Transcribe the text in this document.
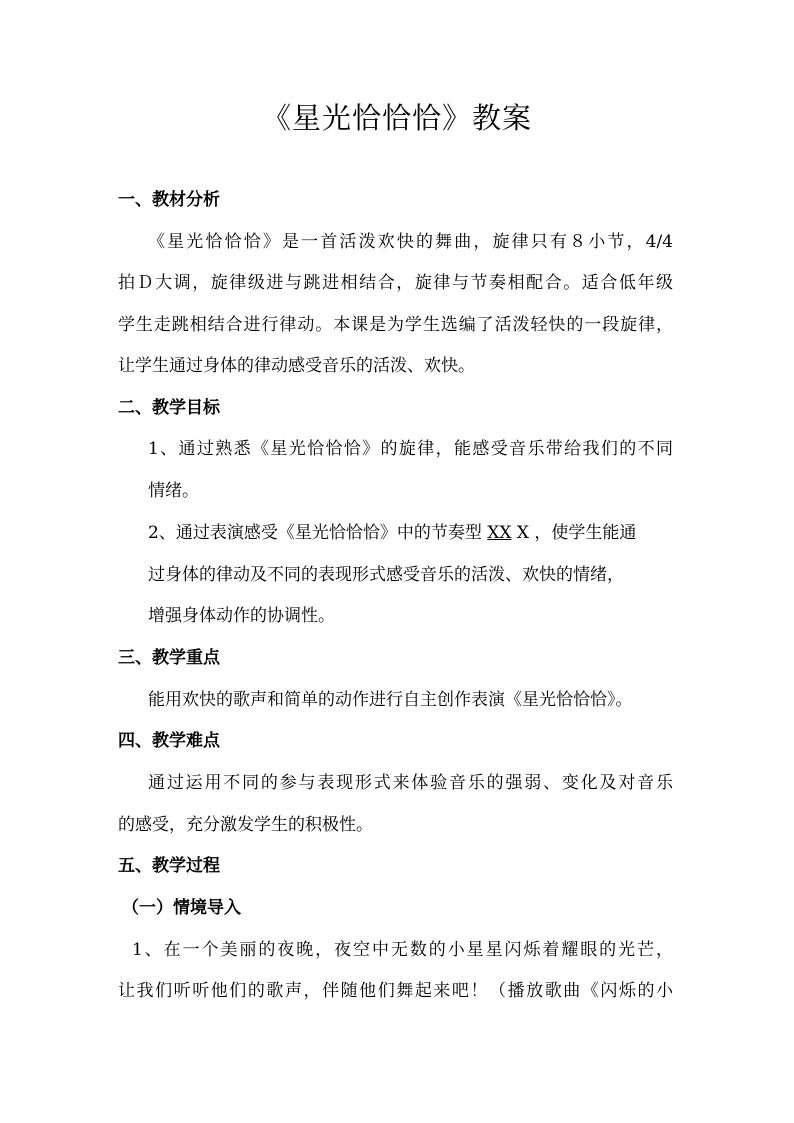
《星光恰恰恰》教案
一、教材分析
《星光恰恰恰》是一首活泼欢快的舞曲，旋律只有８小节，4/4
拍Ｄ大调，旋律级进与跳进相结合，旋律与节奏相配合。适合低年级
学生走跳相结合进行律动。本课是为学生选编了活泼轻快的一段旋律，
让学生通过身体的律动感受音乐的活泼、欢快。
二、教学目标
1、通过熟悉《星光恰恰恰》的旋律，能感受音乐带给我们的不同
情绪。
2、通过表演感受《星光恰恰恰》中的节奏型 XX X ，使学生能通
过身体的律动及不同的表现形式感受音乐的活泼、欢快的情绪，
增强身体动作的协调性。
三、教学重点
能用欢快的歌声和简单的动作进行自主创作表演《星光恰恰恰》。
四、教学难点
通过运用不同的参与表现形式来体验音乐的强弱、变化及对音乐
的感受，充分激发学生的积极性。
五、教学过程
（一）情境导入
1、在一个美丽的夜晚，夜空中无数的小星星闪烁着耀眼的光芒，
让我们听听他们的歌声，伴随他们舞起来吧！（播放歌曲《闪烁的小
